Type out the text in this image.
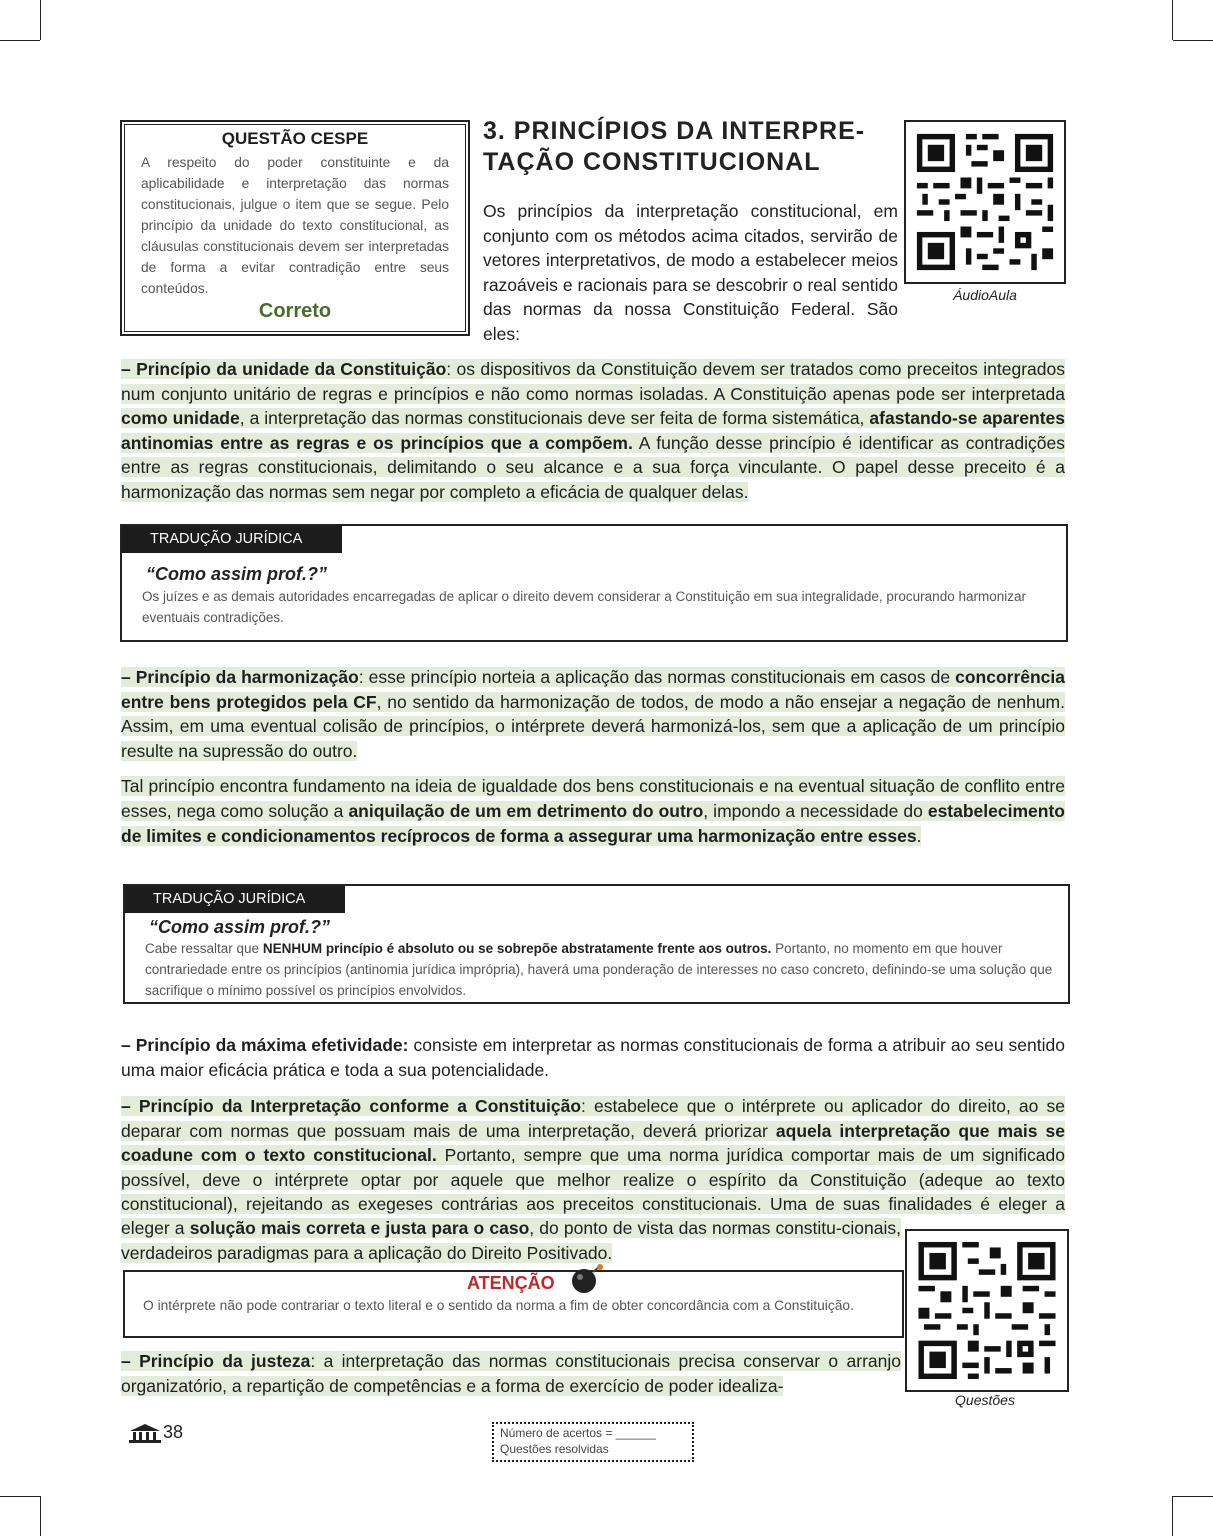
QUESTÃO CESPE
A respeito do poder constituinte e da aplicabilidade e interpretação das normas constitucionais, julgue o item que se segue. Pelo princípio da unidade do texto constitucional, as cláusulas constitucionais devem ser interpretadas de forma a evitar contradição entre seus conteúdos.
Correto
3. PRINCÍPIOS DA INTERPRE-
TAÇÃO CONSTITUCIONAL
Os princípios da interpretação constitucional, em conjunto com os métodos acima citados, servirão de vetores interpretativos, de modo a estabelecer meios razoáveis e racionais para se descobrir o real sentido das normas da nossa Constituição Federal. São eles:
ÁudioAula
– Princípio da unidade da Constituição: os dispositivos da Constituição devem ser tratados como preceitos integrados num conjunto unitário de regras e princípios e não como normas isoladas. A Constituição apenas pode ser interpretada como unidade, a interpretação das normas constitucionais deve ser feita de forma sistemática, afastando-se aparentes antinomias entre as regras e os princípios que a compõem. A função desse princípio é identificar as contradições entre as regras constitucionais, delimitando o seu alcance e a sua força vinculante. O papel desse preceito é a harmonização das normas sem negar por completo a eficácia de qualquer delas.
TRADUÇÃO JURÍDICA
“Como assim prof.?”
Os juízes e as demais autoridades encarregadas de aplicar o direito devem considerar a Constituição em sua integralidade, procurando harmonizar eventuais contradições.

– Princípio da harmonização: esse princípio norteia a aplicação das normas constitucionais em casos de concorrência entre bens protegidos pela CF, no sentido da harmonização de todos, de modo a não ensejar a negação de nenhum. Assim, em uma eventual colisão de princípios, o intérprete deverá harmonizá-los, sem que a aplicação de um princípio resulte na supressão do outro.

Tal princípio encontra fundamento na ideia de igualdade dos bens constitucionais e na eventual situação de conflito entre esses, nega como solução a aniquilação de um em detrimento do outro, impondo a necessidade do estabelecimento de limites e condicionamentos recíprocos de forma a assegurar uma harmonização entre esses.

TRADUÇÃO JURÍDICA
“Como assim prof.?”
Cabe ressaltar que NENHUM princípio é absoluto ou se sobrepõe abstratamente frente aos outros. Portanto, no momento em que houver contrariedade entre os princípios (antinomia jurídica imprópria), haverá uma ponderação de interesses no caso concreto, definindo-se uma solução que sacrifique o mínimo possível os princípios envolvidos.
– Princípio da máxima efetividade: consiste em interpretar as normas constitucionais de forma a atribuir ao seu sentido uma maior eficácia prática e toda a sua potencialidade.
– Princípio da Interpretação conforme a Constituição: estabelece que o intérprete ou aplicador do direito, ao se deparar com normas que possuam mais de uma interpretação, deverá priorizar aquela interpretação que mais se coadune com o texto constitucional. Portanto, sempre que uma norma jurídica comportar mais de um significado possível, deve o intérprete optar por aquele que melhor realize o espírito da Constituição (adeque ao texto constitucional), rejeitando as exegeses contrárias aos preceitos constitucionais. Uma de suas finalidades é eleger a
eleger a solução mais correta e justa para o caso, do ponto de vista das normas constitu-cionais, verdadeiros paradigmas para a aplicação do Direito Positivado.
ATENÇÃO
O intérprete não pode contrariar o texto literal e o sentido da norma a fim de obter concordância com a Constituição.
– Princípio da justeza: a interpretação das normas constitucionais precisa conservar o arranjo organizatório, a repartição de competências e a forma de exercício de poder idealiza-
Questões
38	Número de acertos = ______
Questões resolvidas
